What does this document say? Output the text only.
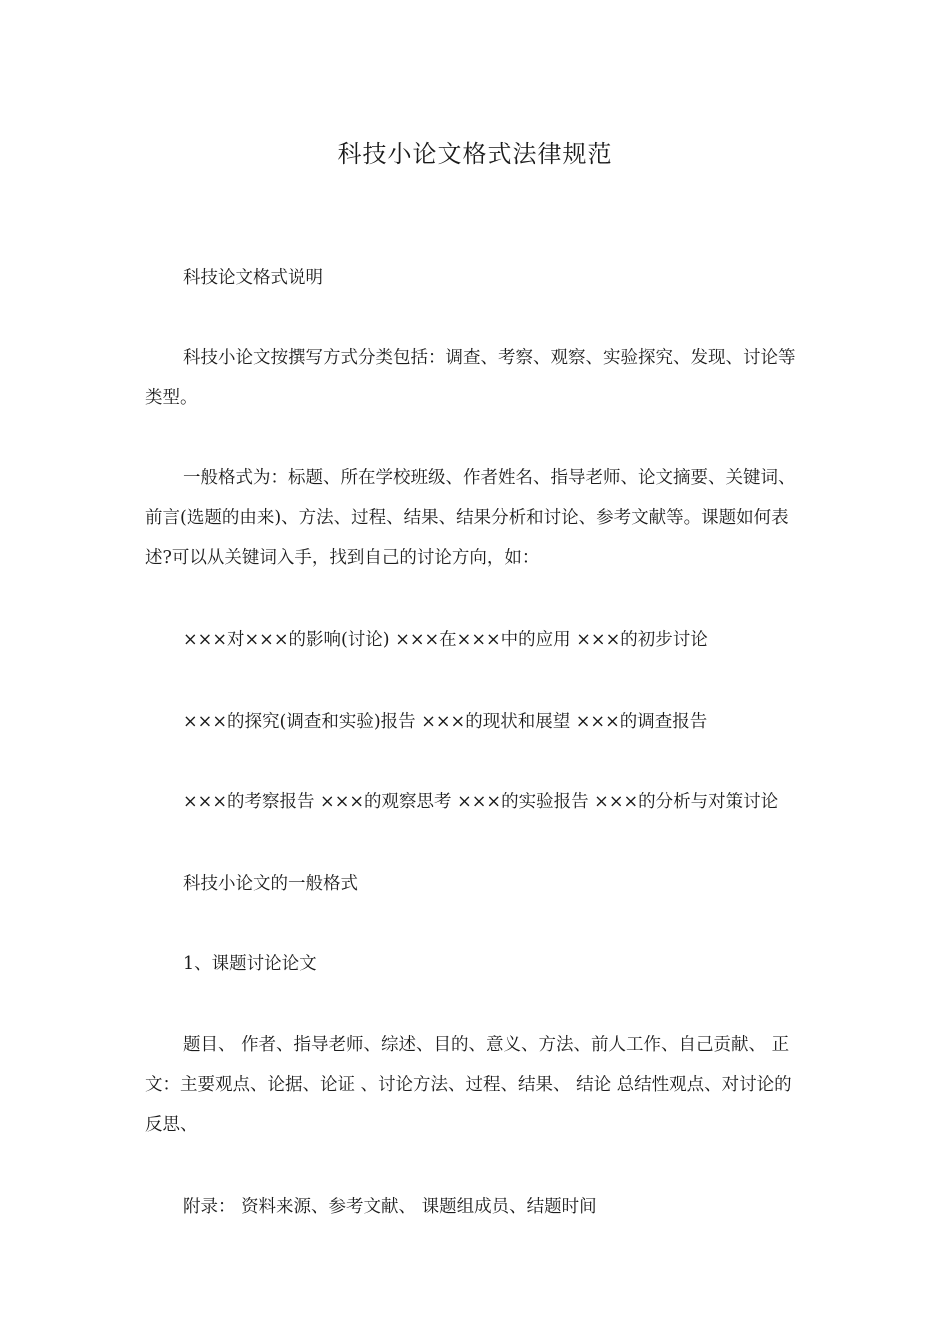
科技小论文格式法律规范

科技论文格式说明

科技小论文按撰写方式分类包括：调查、考察、观察、实验探究、发现、讨论等类型。

一般格式为：标题、所在学校班级、作者姓名、指导老师、论文摘要、关键词、前言(选题的由来)、方法、过程、结果、结果分析和讨论、参考文献等。课题如何表述?可以从关键词入手，找到自己的讨论方向，如：

×××对×××的影响(讨论) ×××在×××中的应用 ×××的初步讨论

×××的探究(调查和实验)报告 ×××的现状和展望 ×××的调查报告

×××的考察报告 ×××的观察思考 ×××的实验报告 ×××的分析与对策讨论

科技小论文的一般格式

1、课题讨论论文

题目、 作者、指导老师、综述、目的、意义、方法、前人工作、自己贡献、 正文：主要观点、论据、论证 、讨论方法、过程、结果、 结论 总结性观点、对讨论的反思、

附录： 资料来源、参考文献、 课题组成员、结题时间
